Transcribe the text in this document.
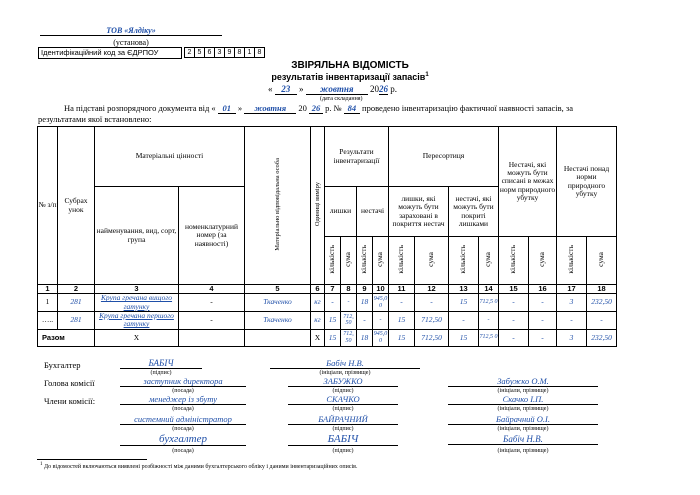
ТОВ «Ялдіку»
(установа)
Ідентифікаційний код за ЄДРПОУ	2 5 6 3 9 8 1 8
ЗВІРЯЛЬНА ВІДОМІСТЬ
результатів інвентаризації запасів$^1$
« 23 » жовтня 2026 р.
(дата складання)
На підставі розпорядчого документа від « 01 » жовтня 20 26 р. № 84 проведено інвентаризацію фактичної наявності запасів, за
результатами якої встановлено:
№ з/п	Субрах унок	Матеріальні цінності		Матеріально відповідальна особа	Одиниці виміру	Результати інвентаризації				Пересортиця				Нестачі, які можуть бути списані в межах норм природного убутку		Нестачі понад норми природного убутку	
		найменування, вид, сорт, група	номенклатурний номер (за наявності)			лишки		нестачі		лишки, які можуть бути зараховані в покриття нестач		нестачі, які можуть бути покриті лишками					
						кількість	сума	кількість	сума	кількість	сума	кількість	сума	кількість	сума	кількість	сума
1	2	3	4	5	6	7	8	9	10	11	12	13	14	15	16	17	18
1	281	Крупа гречана вищого гатунку	-	Ткаченко	кг	-	-	18	945,0 0	-	-	15	712,5 0	-	-	3	232,50
…..	281	Крупа гречана першого гатунку	-	Ткаченко	кг	15	712, 50	-	-	15	712,50	-	-	-	-	-	-
Разом		Х			Х	15	712, 50	18	945,0 0	15	712,50	15	712,5 0	-	-	3	232,50
Бухгалтер	БАБІЧ
(підпис)
Бабіч Н.В.
(ініціали, прізвище)
Голова комісії	заступник директора
(посада)
ЗАБУЖКО
(підпис)
Забужко О.М.
(ініціали, прізвище)
Члени комісії:	менеджер із збуту
(посада)
СКАЧКО
(підпис)
Скачко І.П.
(ініціали, прізвище)
системний адміністратор
(посада)
БАЙРАЧНИЙ
(підпис)
Байрачний О.І.
(ініціали, прізвище)
бухгалтер
(посада)
БАБІЧ
(підпис)
Бабіч Н.В.
(ініціали, прізвище)
$^1$ До відомостей включаються виявлені розбіжності між даними бухгалтерського обліку і даними інвентаризаційних описів.
